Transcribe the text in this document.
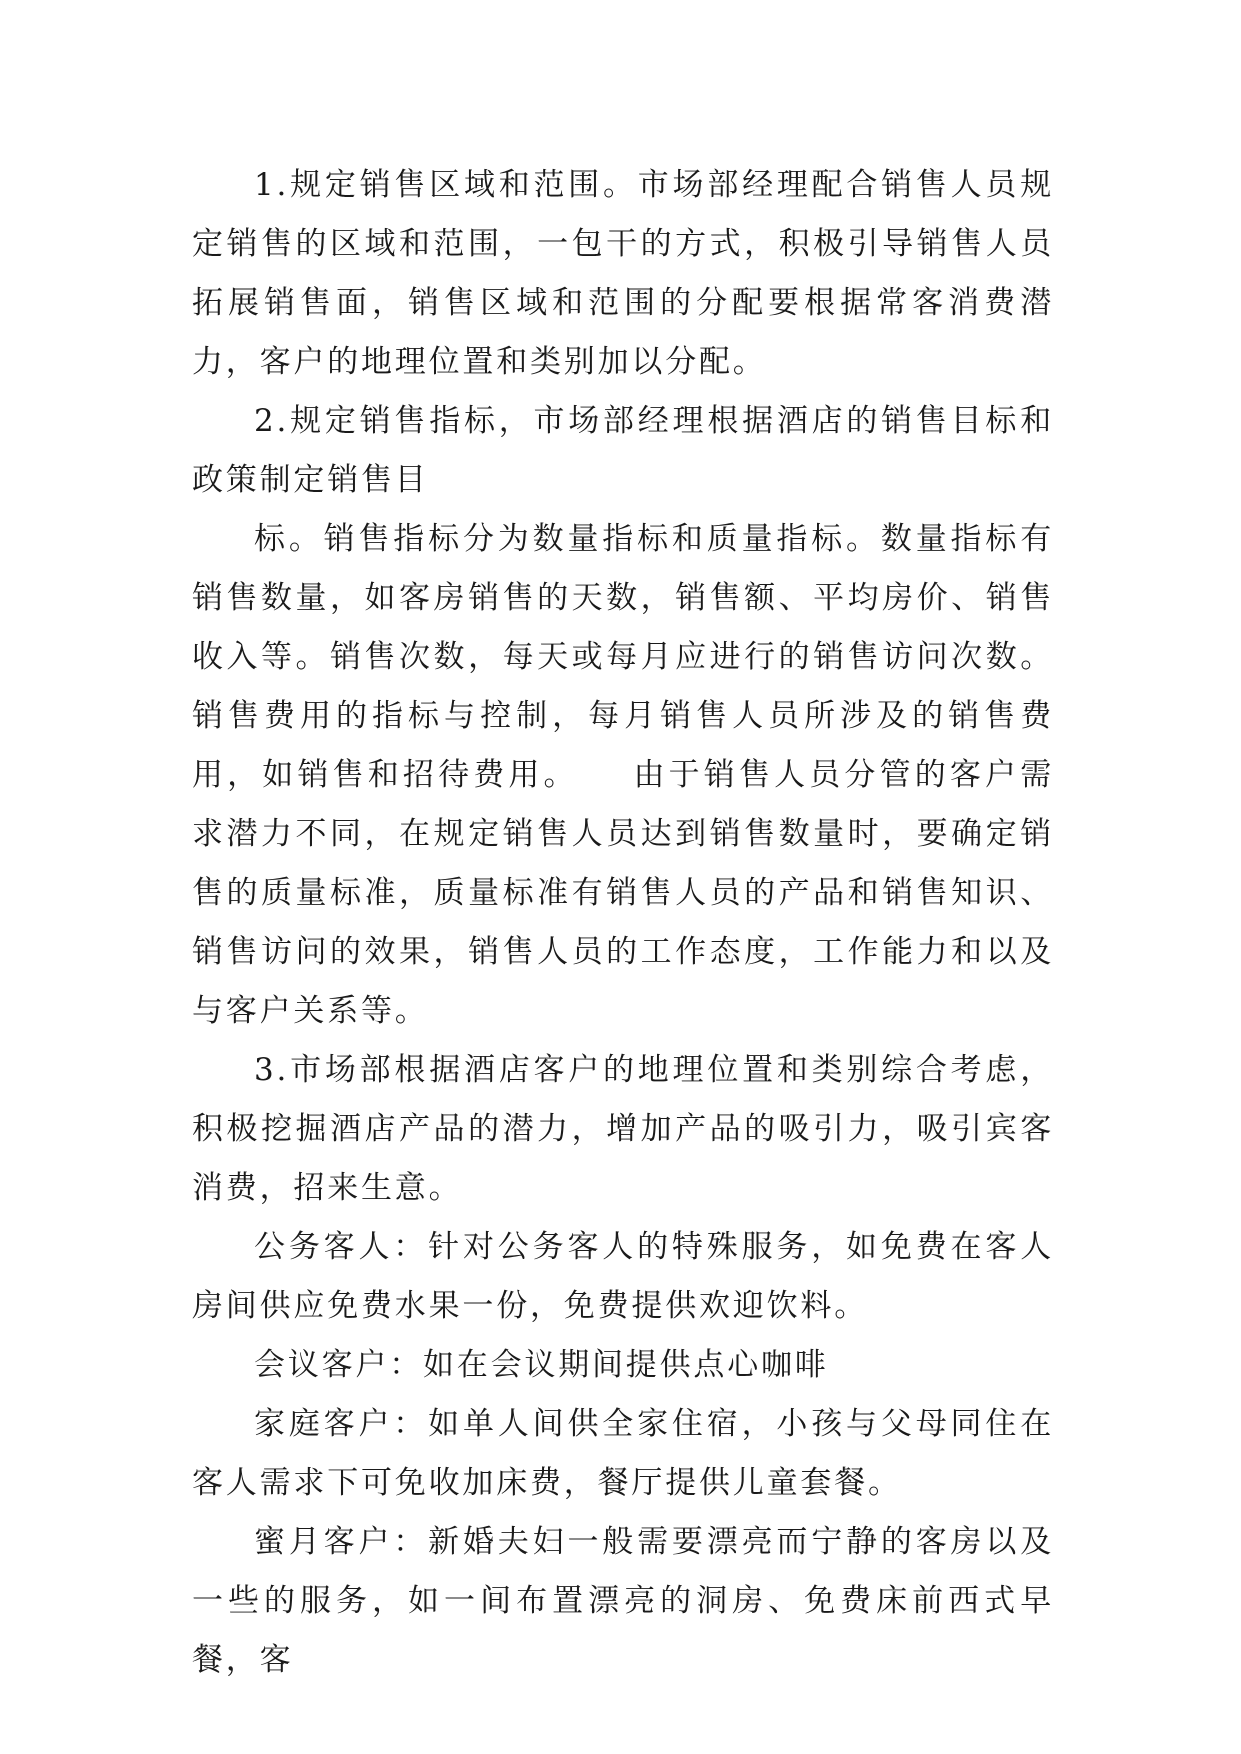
1.规定销售区域和范围。市场部经理配合销售人员规定销售的区域和范围，一包干的方式，积极引导销售人员拓展销售面，销售区域和范围的分配要根据常客消费潜力，客户的地理位置和类别加以分配。

2.规定销售指标，市场部经理根据酒店的销售目标和政策制定销售目

标。销售指标分为数量指标和质量指标。数量指标有销售数量，如客房销售的天数，销售额、平均房价、销售收入等。销售次数，每天或每月应进行的销售访问次数。销售费用的指标与控制，每月销售人员所涉及的销售费用，如销售和招待费用。　　由于销售人员分管的客户需求潜力不同，在规定销售人员达到销售数量时，要确定销售的质量标准，质量标准有销售人员的产品和销售知识、销售访问的效果，销售人员的工作态度，工作能力和以及与客户关系等。

3.市场部根据酒店客户的地理位置和类别综合考虑，积极挖掘酒店产品的潜力，增加产品的吸引力，吸引宾客消费，招来生意。

公务客人：针对公务客人的特殊服务，如免费在客人房间供应免费水果一份，免费提供欢迎饮料。

会议客户：如在会议期间提供点心咖啡

家庭客户：如单人间供全家住宿，小孩与父母同住在客人需求下可免收加床费，餐厅提供儿童套餐。

蜜月客户：新婚夫妇一般需要漂亮而宁静的客房以及一些的服务，如一间布置漂亮的洞房、免费床前西式早餐，客
